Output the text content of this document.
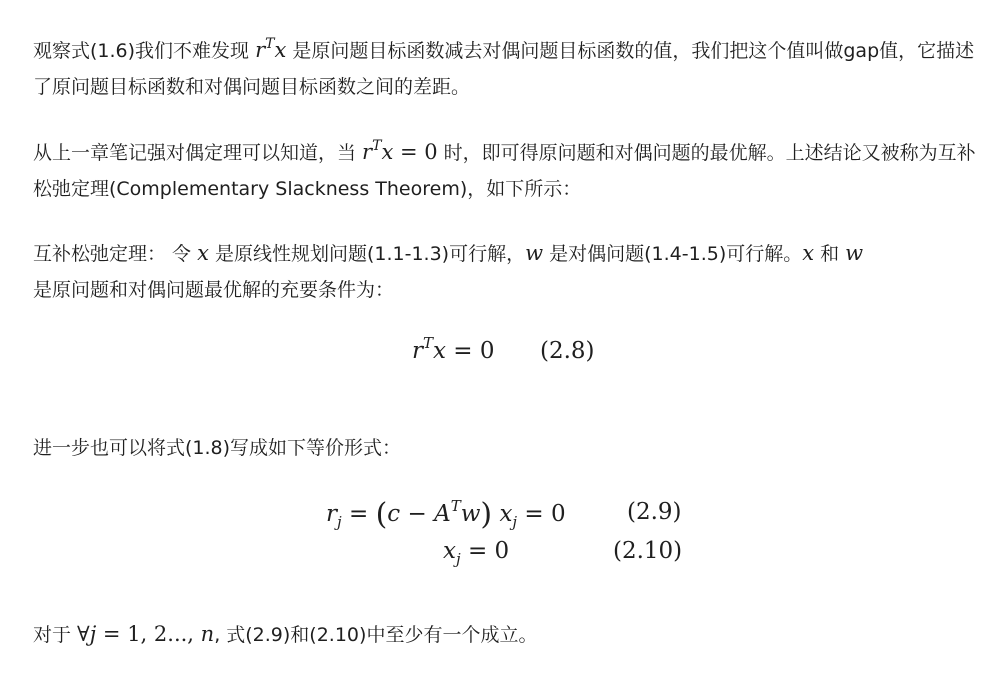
观察式(1.6)我们不难发现 $r^Tx$ 是原问题目标函数减去对偶问题目标函数的值，我们把这个值叫做gap值，它描述了原问题目标函数和对偶问题目标函数之间的差距。

从上一章笔记强对偶定理可以知道，当 $r^Tx = 0$ 时，即可得原问题和对偶问题的最优解。上述结论又被称为互补松弛定理(Complementary Slackness Theorem)，如下所示：

互补松弛定理： 令 x 是原线性规划问题(1.1-1.3)可行解，w 是对偶问题(1.4-1.5)可行解。x 和 w
是原问题和对偶问题最优解的充要条件为：

$r^Tx = 0$ (2.8)

进一步也可以将式(1.8)写成如下等价形式：

$r_j = (c - A^Tw) x_j = 0$	(2.9)
$x_j = 0$	(2.10)

对于 ∀j = 1, 2..., n, 式(2.9)和(2.10)中至少有一个成立。
